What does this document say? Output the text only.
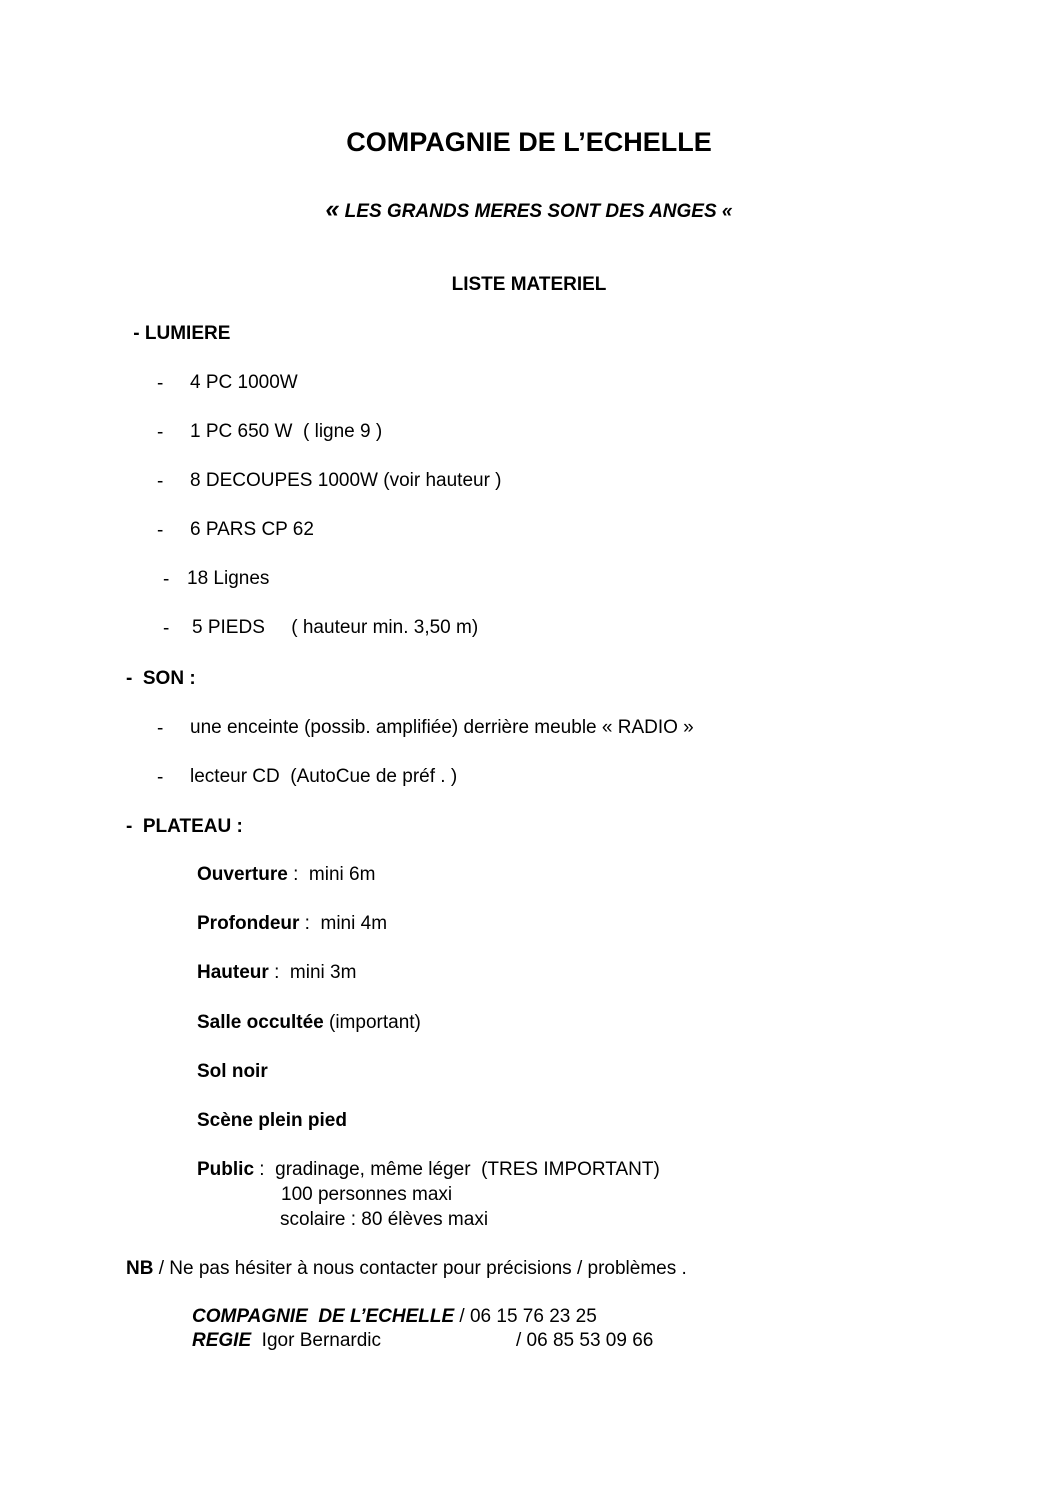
COMPAGNIE DE L’ECHELLE
« LES GRANDS MERES SONT DES ANGES «
LISTE MATERIEL
- LUMIERE
- 4 PC 1000W
- 1 PC 650 W  ( ligne 9 )
- 8 DECOUPES 1000W (voir hauteur )
- 6 PARS CP 62
- 18 Lignes
- 5 PIEDS     ( hauteur min. 3,50 m)
-  SON :
- une enceinte (possib. amplifiée) derrière meuble « RADIO »
- lecteur CD  (AutoCue de préf . )
-  PLATEAU :
Ouverture :  mini 6m
Profondeur :  mini 4m
Hauteur :  mini 3m
Salle occultée (important)
Sol noir
Scène plein pied
Public :  gradinage, même léger  (TRES IMPORTANT)
100 personnes maxi
scolaire : 80 élèves maxi
NB / Ne pas hésiter à nous contacter pour précisions / problèmes .
COMPAGNIE  DE L’ECHELLE / 06 15 76 23 25
REGIE  Igor Bernardic	/ 06 85 53 09 66
